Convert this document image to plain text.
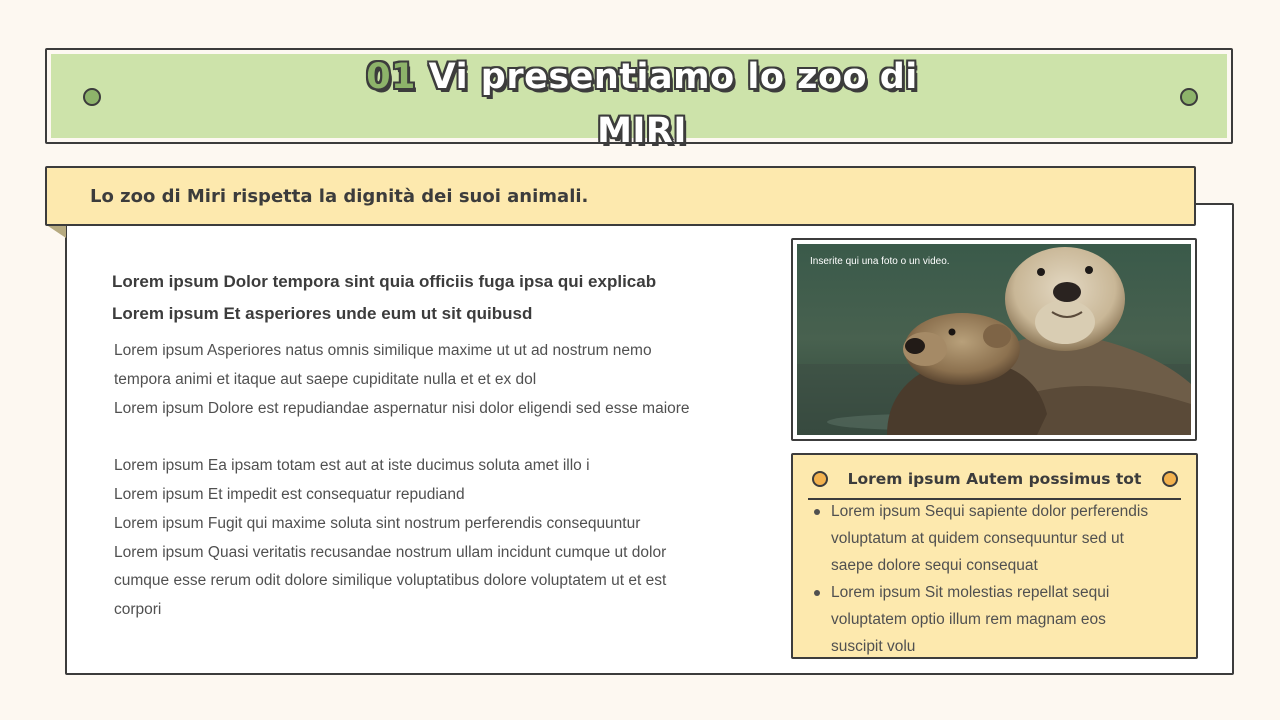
01 Vi presentiamo lo zoo di
MIRI
Lo zoo di Miri rispetta la dignità dei suoi animali.
Lorem ipsum Dolor tempora sint quia officiis fuga ipsa qui explicab
Lorem ipsum Et asperiores unde eum ut sit quibusd
Lorem ipsum Asperiores natus omnis similique maxime ut ut ad nostrum nemo
tempora animi et itaque aut saepe cupiditate nulla et et ex dol
Lorem ipsum Dolore est repudiandae aspernatur nisi dolor eligendi sed esse maiore
Lorem ipsum Ea ipsam totam est aut at iste ducimus soluta amet illo i
Lorem ipsum Et impedit est consequatur repudiand
Lorem ipsum Fugit qui maxime soluta sint nostrum perferendis consequuntur
Lorem ipsum Quasi veritatis recusandae nostrum ullam incidunt cumque ut dolor
cumque esse rerum odit dolore similique voluptatibus dolore voluptatem ut et est
corpori
Inserite qui una foto o un video.
Lorem ipsum Autem possimus tot
Lorem ipsum Sequi sapiente dolor perferendis
voluptatum at quidem consequuntur sed ut
saepe dolore sequi consequat
Lorem ipsum Sit molestias repellat sequi
voluptatem optio illum rem magnam eos
suscipit volu
